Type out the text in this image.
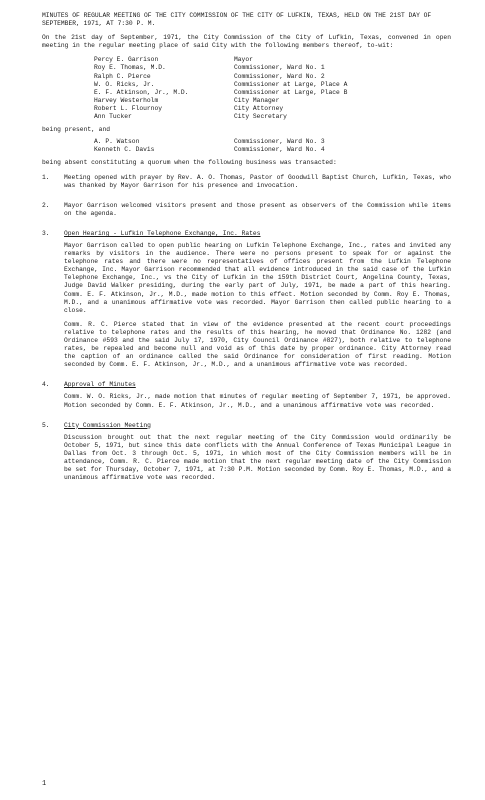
MINUTES OF REGULAR MEETING OF THE CITY COMMISSION OF THE CITY OF LUFKIN, TEXAS, HELD ON THE 21ST DAY OF SEPTEMBER, 1971, AT 7:30 P. M.
On the 21st day of September, 1971, the City Commission of the City of Lufkin, Texas, convened in open meeting in the regular meeting place of said City with the following members thereof, to-wit:
Percy E. Garrison	Mayor
Roy E. Thomas, M.D.	Commissioner, Ward No. 1
Ralph C. Pierce	Commissioner, Ward No. 2
W. O. Ricks, Jr.	Commissioner at Large, Place A
E. F. Atkinson, Jr., M.D.	Commissioner at Large, Place B
Harvey Westerholm	City Manager
Robert L. Flournoy	City Attorney
Ann Tucker	City Secretary
being present, and
A. P. Watson	Commissioner, Ward No. 3
Kenneth C. Davis	Commissioner, Ward No. 4
being absent constituting a quorum when the following business was transacted:
1.	Meeting opened with prayer by Rev. A. O. Thomas, Pastor of Goodwill Baptist Church, Lufkin, Texas, who was thanked by Mayor Garrison for his presence and invocation.
2.	Mayor Garrison welcomed visitors present and those present as observers of the Commission while items on the agenda.
3.	Open Hearing - Lufkin Telephone Exchange, Inc. Rates
Mayor Garrison called to open public hearing on Lufkin Telephone Exchange, Inc., rates and invited any remarks by visitors in the audience. There were no persons present to speak for or against the telephone rates and there were no representatives of offices present from the Lufkin Telephone Exchange, Inc. Mayor Garrison recommended that all evidence introduced in the said case of the Lufkin Telephone Exchange, Inc., vs the City of Lufkin in the 159th District Court, Angelina County, Texas, Judge David Walker presiding, during the early part of July, 1971, be made a part of this hearing. Comm. E. F. Atkinson, Jr., M.D., made motion to this effect. Motion seconded by Comm. Roy E. Thomas, M.D., and a unanimous affirmative vote was recorded. Mayor Garrison then called public hearing to a close.
Comm. R. C. Pierce stated that in view of the evidence presented at the recent court proceedings relative to telephone rates and the results of this hearing, he moved that Ordinance No. 1282 (and Ordinance #593 and the said July 17, 1970, City Council Ordinance #827), both relative to telephone rates, be repealed and become null and void as of this date by proper ordinance. City Attorney read the caption of an ordinance called the said Ordinance for consideration of first reading. Motion seconded by Comm. E. F. Atkinson, Jr., M.D., and a unanimous affirmative vote was recorded.
4.	Approval of Minutes
Comm. W. O. Ricks, Jr., made motion that minutes of regular meeting of September 7, 1971, be approved. Motion seconded by Comm. E. F. Atkinson, Jr., M.D., and a unanimous affirmative vote was recorded.
5.	City Commission Meeting
Discussion brought out that the next regular meeting of the City Commission would ordinarily be October 5, 1971, but since this date conflicts with the Annual Conference of Texas Municipal League in Dallas from Oct. 3 through Oct. 5, 1971, in which most of the City Commission members will be in attendance, Comm. R. C. Pierce made motion that the next regular meeting date of the City Commission be set for Thursday, October 7, 1971, at 7:30 P.M. Motion seconded by Comm. Roy E. Thomas, M.D., and a unanimous affirmative vote was recorded.
1
